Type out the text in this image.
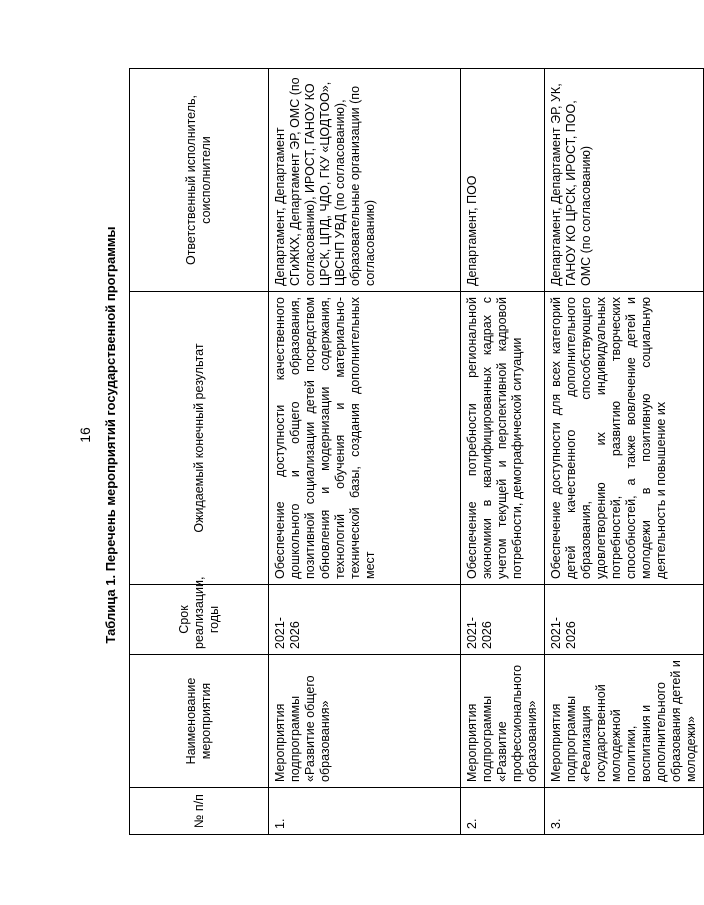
16 Таблица 1. Перечень мероприятий государственной программы
№ п/п	Наименование мероприятия	Срок реализации, годы	Ожидаемый конечный результат	Ответственный исполнитель, соисполнители
1.	Мероприятия подпрограммы «Развитие общего образования»	2021-2026	Обеспечение доступности качественного дошкольного и общего образования, позитивной социализации детей посредством обновления и модернизации содержания, технологий обучения и материально-технической базы, создания дополнительных мест	Департамент, Департамент СГиЖКХ, Департамент ЭР, ОМС (по согласованию), ИРОСТ, ГАНОУ КО ЦРСК, ЦПД, ЧДО, ГКУ «ЦОДТОО», ЦВСНП УВД (по согласованию), образовательные организации (по согласованию)
2.	Мероприятия подпрограммы «Развитие профессионального образования»	2021-2026	Обеспечение потребности региональной экономики в квалифицированных кадрах с учетом текущей и перспективной кадровой потребности, демографической ситуации	Департамент, ПОО
3.	Мероприятия подпрограммы «Реализация государственной молодежной политики, воспитания и дополнительного образования детей и молодежи»	2021-2026	Обеспечение доступности для всех категорий детей качественного дополнительного образования, способствующего удовлетворению их индивидуальных потребностей, развитию творческих способностей, а также вовлечение детей и молодежи в позитивную социальную деятельность и повышение их	Департамент, Департамент ЭР, УК, ГАНОУ КО ЦРСК, ИРОСТ, ПОО, ОМС (по согласованию)
